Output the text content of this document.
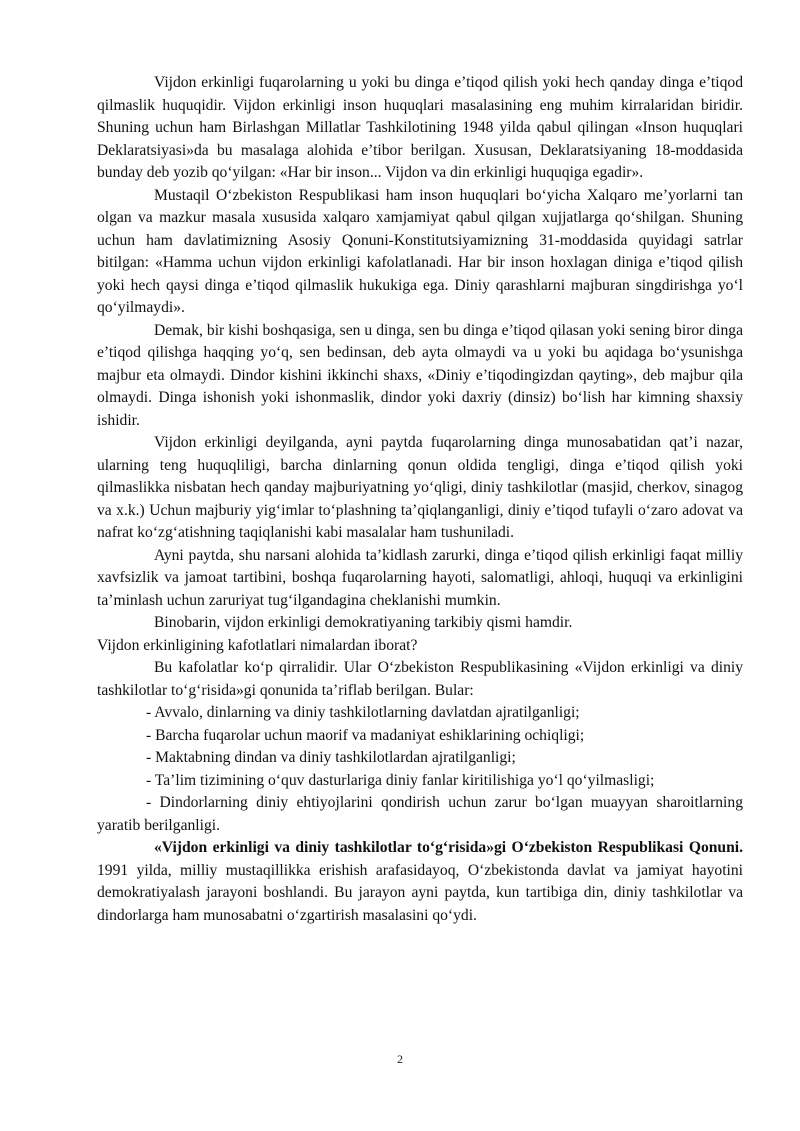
Vijdon erkinligi fuqarolarning u yoki bu dinga e’tiqod qilish yoki hech qanday dinga e’tiqod qilmaslik huquqidir. Vijdon erkinligi inson huquqlari masalasining eng muhim kirralaridan biridir. Shuning uchun ham Birlashgan Millatlar Tashkilotining 1948 yilda qabul qilingan «Inson huquqlari Deklaratsiyasi»da bu masalaga alohida e’tibor berilgan. Xususan, Deklaratsiyaning 18-moddasida bunday deb yozib qo‘yilgan: «Har bir inson... Vijdon va din erkinligi huquqiga egadir».

Mustaqil O‘zbekiston Respublikasi ham inson huquqlari bo‘yicha Xalqaro me’yorlarni tan olgan va mazkur masala xususida xalqaro xamjamiyat qabul qilgan xujjatlarga qo‘shilgan. Shuning uchun ham davlatimizning Asosiy Qonuni-Konstitutsiyamizning 31-moddasida quyidagi satrlar bitilgan: «Hamma uchun vijdon erkinligi kafolatlanadi. Har bir inson hoxlagan diniga e’tiqod qilish yoki hech qaysi dinga e’tiqod qilmaslik hukukiga ega. Diniy qarashlarni majburan singdirishga yo‘l qo‘yilmaydi».

Demak, bir kishi boshqasiga, sen u dinga, sen bu dinga e’tiqod qilasan yoki sening biror dinga e’tiqod qilishga haqqing yo‘q, sen bedinsan, deb ayta olmaydi va u yoki bu aqidaga bo‘ysunishga majbur eta olmaydi. Dindor kishini ikkinchi shaxs, «Diniy e’tiqodingizdan qayting», deb majbur qila olmaydi. Dinga ishonish yoki ishonmaslik, dindor yoki daxriy (dinsiz) bo‘lish har kimning shaxsiy ishidir.

Vijdon erkinligi deyilganda, ayni paytda fuqarolarning dinga munosabatidan qat’i nazar, ularning teng huquqliligi, barcha dinlarning qonun oldida tengligi, dinga e’tiqod qilish yoki qilmaslikka nisbatan hech qanday majburiyatning yo‘qligi, diniy tashkilotlar (masjid, cherkov, sinagog va x.k.) Uchun majburiy yig‘imlar to‘plashning ta’qiqlanganligi, diniy e’tiqod tufayli o‘zaro adovat va nafrat ko‘zg‘atishning taqiqlanishi kabi masalalar ham tushuniladi.

Ayni paytda, shu narsani alohida ta’kidlash zarurki, dinga e’tiqod qilish erkinligi faqat milliy xavfsizlik va jamoat tartibini, boshqa fuqarolarning hayoti, salomatligi, ahloqi, huquqi va erkinligini ta’minlash uchun zaruriyat tug‘ilgandagina cheklanishi mumkin.

Binobarin, vijdon erkinligi demokratiyaning tarkibiy qismi hamdir.

Vijdon erkinligining kafotlatlari nimalardan iborat?

Bu kafolatlar ko‘p qirralidir. Ular O‘zbekiston Respublikasining «Vijdon erkinligi va diniy tashkilotlar to‘g‘risida»gi qonunida ta’riflab berilgan. Bular:

- Avvalo, dinlarning va diniy tashkilotlarning davlatdan ajratilganligi;

- Barcha fuqarolar uchun maorif va madaniyat eshiklarining ochiqligi;

- Maktabning dindan va diniy tashkilotlardan ajratilganligi;

- Ta’lim tizimining o‘quv dasturlariga diniy fanlar kiritilishiga yo‘l qo‘yilmasligi;

- Dindorlarning diniy ehtiyojlarini qondirish uchun zarur bo‘lgan muayyan sharoitlarning yaratib berilganligi.

«Vijdon erkinligi va diniy tashkilotlar to‘g‘risida»gi O‘zbekiston Respublikasi Qonuni. 1991 yilda, milliy mustaqillikka erishish arafasidayoq, O‘zbekistonda davlat va jamiyat hayotini demokratiyalash jarayoni boshlandi. Bu jarayon ayni paytda, kun tartibiga din, diniy tashkilotlar va dindorlarga ham munosabatni o‘zgartirish masalasini qo‘ydi.

2
